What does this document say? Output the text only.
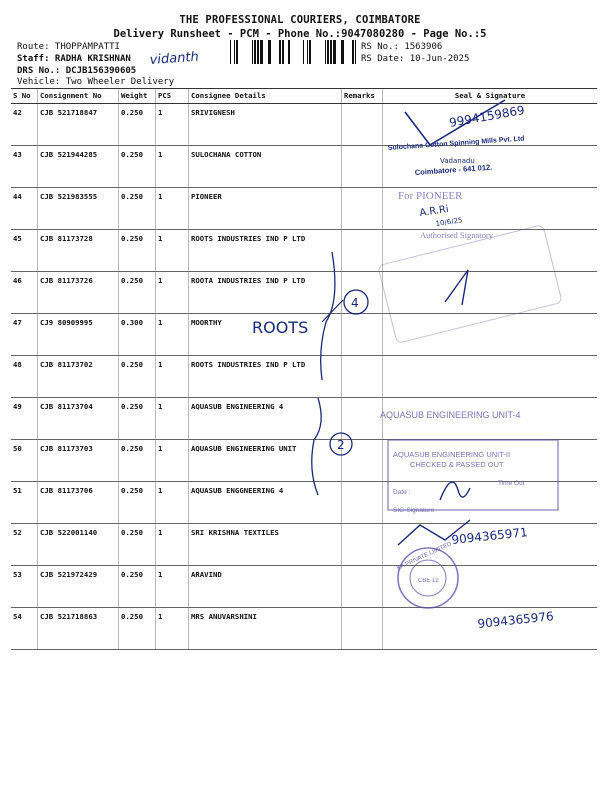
THE PROFESSIONAL COURIERS, COIMBATORE
Delivery Runsheet - PCM - Phone No.:9047080280 - Page No.:5
Route: THOPPAMPATTI
Staff: RADHA KRISHNAN
DRS No.: DCJB156390605
Vehicle: Two Wheeler Delivery
RS No.: 1563906
RS Date: 10-Jun-2025
S No	Consignment No	Weight	PCS	Consignee Details	Remarks	Seal & Signature
42	CJB 521718847	0.250	1	SRIVIGNESH		
43	CJB 521944285	0.250	1	SULOCHANA COTTON		
44	CJB 521983555	0.250	1	PIONEER		
45	CJB 81173728	0.250	1	ROOTS INDUSTRIES IND P LTD		
46	CJB 81173726	0.250	1	ROOTA INDUSTRIES IND P LTD		
47	CJ9 80909995	0.300	1	MOORTHY		
48	CJB 81173702	0.250	1	ROOTS INDUSTRIES IND P LTD		
49	CJB 81173704	0.250	1	AQUASUB ENGINEERING 4		
50	CJB 81173703	0.250	1	AQUASUB ENGINEERING UNIT		
51	CJB 81173706	0.250	1	AQUASUB ENGGNEERING 4		
52	CJB 522001140	0.250	1	SRI KRISHNA TEXTILES		
53	CJB 521972429	0.250	1	ARAVIND		
54	CJB 521718863	0.250	1	MRS ANUVARSHINI		
vidanth
9994159869
Sulochana Cotton Spinning Mills Pvt. Ltd
Coimbatore - 641 012.
Vadanadu
For PIONEER
A.R.Ri
10/6/25
Authorised Signatory
4
ROOTS
2
AQUASUB ENGINEERING UNIT-4
AQUASUB ENGINEERING UNIT-II
CHECKED & PASSED OUT
Date :
Time Out
SIG-Signature
9094365971
KA PRIVATE LIMITED
CBE 12
9094365976
